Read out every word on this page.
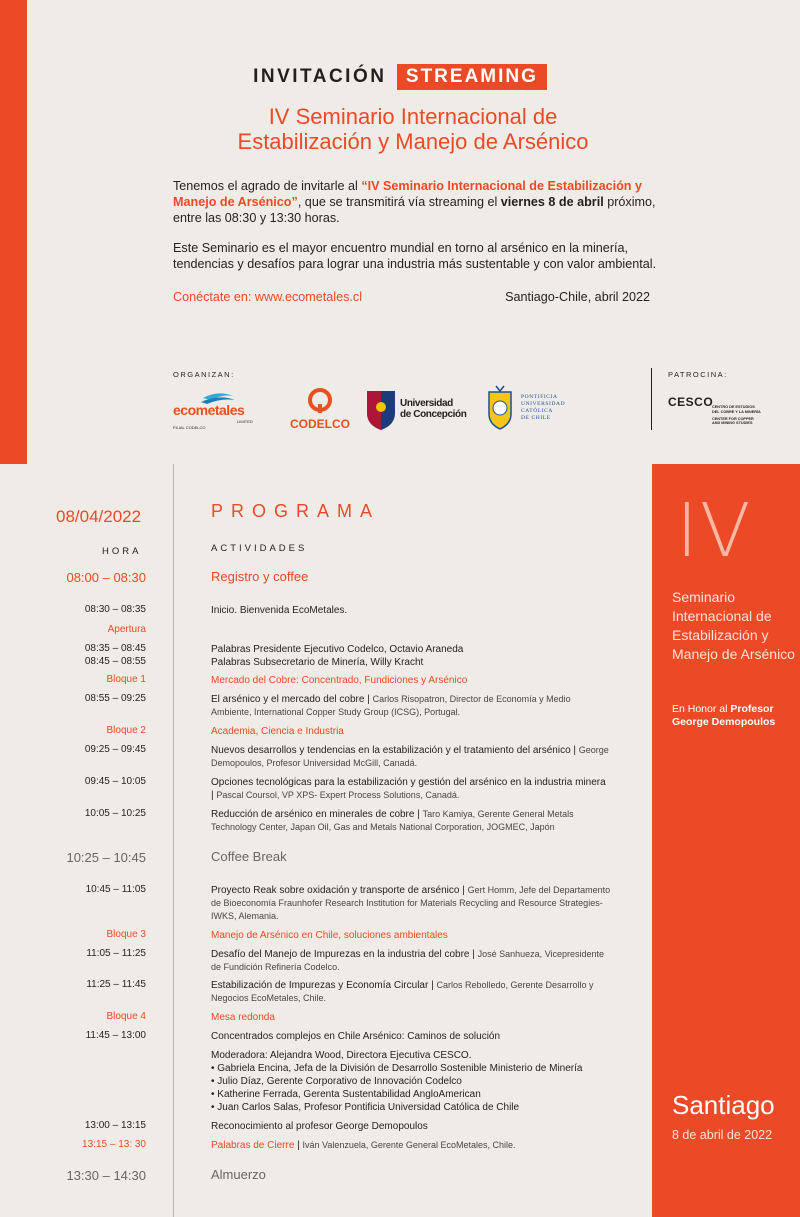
INVITACIÓN STREAMING
IV Seminario Internacional de
Estabilización y Manejo de Arsénico
Tenemos el agrado de invitarle al “IV Seminario Internacional de Estabilización y Manejo de Arsénico”, que se transmitirá vía streaming el viernes 8 de abril próximo, entre las 08:30 y 13:30 horas.
Este Seminario es el mayor encuentro mundial en torno al arsénico en la minería, tendencias y desafíos para lograr una industria más sustentable y con valor ambiental.
Conéctate en: www.ecometales.cl	Santiago-Chile, abril 2022
ORGANIZAN:	PATROCINA:
ecometales
LIMITED
FILIAL CODELCO	CODELCO
Universidad
de Concepción
PONTIFICIA
UNIVERSIDAD
CATÓLICA
DE CHILE
CESCO
CENTRO DE ESTUDIOS
DEL COBRE Y LA MINERÍA
CENTER FOR COPPER
AND MINING STUDIES
08/04/2022	PROGRAMA
HORA	ACTIVIDADES
08:00 – 08:30	Registro y coffee
08:30 – 08:35	Inicio. Bienvenida EcoMetales.
Apertura
08:35 – 08:45	Palabras Presidente Ejecutivo Codelco, Octavio Araneda
08:45 – 08:55	Palabras Subsecretario de Minería, Willy Kracht
Bloque 1	Mercado del Cobre: Concentrado, Fundiciones y Arsénico
08:55 – 09:25	El arsénico y el mercado del cobre | Carlos Risopatron, Director de Economía y Medio Ambiente, International Copper Study Group (ICSG), Portugal.
Bloque 2	Academia, Ciencia e Industria
09:25 – 09:45	Nuevos desarrollos y tendencias en la estabilización y el tratamiento del arsénico | George Demopoulos, Profesor Universidad McGill, Canadá.
09:45 – 10:05	Opciones tecnológicas para la estabilización y gestión del arsénico en la industria minera | Pascal Coursol, VP XPS- Expert Process Solutions, Canadá.
10:05 – 10:25	Reducción de arsénico en minerales de cobre | Taro Kamiya, Gerente General Metals Technology Center, Japan Oil, Gas and Metals National Corporation, JOGMEC, Japón
10:25 – 10:45	Coffee Break
10:45 – 11:05	Proyecto Reak sobre oxidación y transporte de arsénico | Gert Homm, Jefe del Departamento de Bioeconomía Fraunhofer Research Institution for Materials Recycling and Resource Strategies-IWKS, Alemania.
Bloque 3	Manejo de Arsénico en Chile, soluciones ambientales
11:05 – 11:25	Desafío del Manejo de Impurezas en la industria del cobre | José Sanhueza, Vicepresidente de Fundición Refinería Codelco.
11:25 – 11:45	Estabilización de Impurezas y Economía Circular | Carlos Rebolledo, Gerente Desarrollo y Negocios EcoMetales, Chile.
Bloque 4	Mesa redonda
11:45 – 13:00	Concentrados complejos en Chile Arsénico: Caminos de solución
Moderadora: Alejandra Wood, Directora Ejecutiva CESCO.
• Gabriela Encina, Jefa de la División de Desarrollo Sostenible Ministerio de Minería
• Julio Díaz, Gerente Corporativo de Innovación Codelco
• Katherine Ferrada, Gerenta Sustentabilidad AngloAmerican
• Juan Carlos Salas, Profesor Pontificia Universidad Católica de Chile
13:00 – 13:15	Reconocimiento al profesor George Demopoulos
13:15 – 13: 30	Palabras de Cierre | Iván Valenzuela, Gerente General EcoMetales, Chile.
13:30 – 14:30	Almuerzo
IV
Seminario Internacional de Estabilización y Manejo de Arsénico
En Honor al Profesor George Demopoulos
Santiago
8 de abril de 2022
